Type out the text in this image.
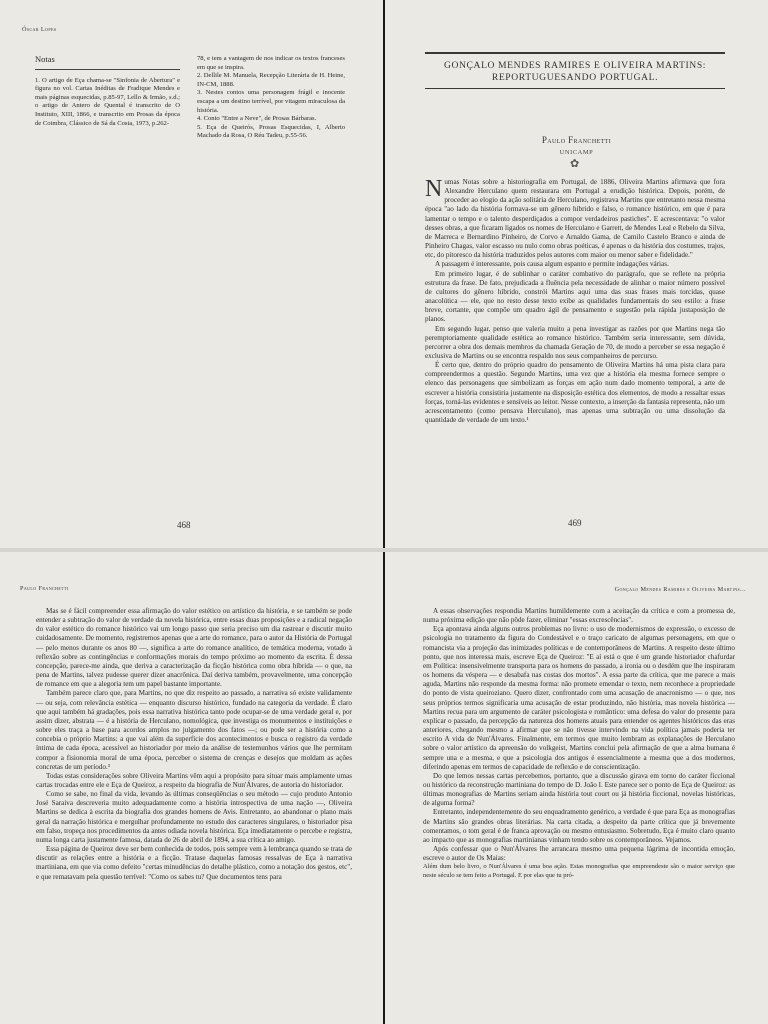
Óscar Lopes
Notas

1. O artigo de Eça chama-se "Sinfonia de Abertura" e figura no vol. Cartas Inéditas de Fradique Mendes e mais páginas esquecidas, p.85-97, Lello & Irmão, s.d.; o artigo de Antero de Quental é transcrito de O Instituto, XIII, 1866, e transcrito em Prosas da época de Coimbra, Clássico de Sá da Costa, 1973, p.262-

78, e tem a vantagem de nos indicar os textos franceses em que se inspira.

2. Dellile M. Manuela, Recepção Literária de H. Heine, IN-CM, 1888.

3. Nestes contos uma personagem frágil e inocente escapa a um destino terrível, por vitagem miraculosa da história.

4. Conto "Entre a Neve", de Prosas Bárbaras.

5. Eça de Queirós, Prosas Esquecidas, I, Alberto Machado da Rosa, O Réu Tadeu, p.55-56.

468
GONÇALO MENDES RAMIRES E OLIVEIRA MARTINS: REPORTUGUESANDO PORTUGAL.
Paulo Franchetti
UNICAMP
✿

Numas Notas sobre a historiografia em Portugal, de 1886, Oliveira Martins afirmava que fora Alexandre Herculano quem restaurara em Portugal a erudição histórica. Depois, porém, de proceder ao elogio da ação solitária de Herculano, registrava Martins que entretanto nessa mesma época "ao lado da história formava-se um gênero híbrido e falso, o romance histórico, em que é para lamentar o tempo e o talento desperdiçados a compor verdadeiros pastiches". E acrescentava: "o valor desses obras, a que ficaram ligados os nomes de Herculano e Garrett, de Mendes Leal e Rebelo da Silva, de Marreca e Bernardino Pinheiro, de Corvo e Arnaldo Gama, de Camilo Castelo Branco e ainda de Pinheiro Chagas, valor escasso ou nulo como obras poéticas, é apenas o da história dos costumes, trajos, etc, do pitoresco da história traduzidos pelos autores com maior ou menor saber e fidelidade."

A passagem é interessante, pois causa algum espanto e permite indagações várias.

Em primeiro lugar, é de sublinhar o caráter combativo do parágrafo, que se reflete na própria estrutura da frase. De fato, prejudicada a fluência pela necessidade de alinhar o maior número possível de cultores do gênero híbrido, constrói Martins aqui uma das suas frases mais torcidas, quase anacolútica — ele, que no resto desse texto exibe as qualidades fundamentais do seu estilo: a frase breve, cortante, que compõe um quadro ágil de pensamento e sugestão pela rápida justaposição de planos.

Em segundo lugar, penso que valeria muito a pena investigar as razões por que Martins nega tão peremptoriamente qualidade estética ao romance histórico. Também seria interessante, sem dúvida, percorrer a obra dos demais membros da chamada Geração de 70, de modo a perceber se essa negação é exclusiva de Martins ou se encontra respaldo nos seus companheiros de percurso.

É certo que, dentro do próprio quadro do pensamento de Oliveira Martins há uma pista clara para compreendermos a questão. Segundo Martins, uma vez que a história ela mesma fornece sempre o elenco das personagens que simbolizam as forças em ação num dado momento temporal, a arte de escrever a história consistiria justamente na disposição estética dos elementos, de modo a ressaltar essas forças, torná-las evidentes e sensíveis ao leitor. Nesse contexto, a inserção da fantasia representa, não um acrescentamento (como pensava Herculano), mas apenas uma subtração ou uma dissolução da quantidade de verdade de um texto.¹

469
Paulo Franchetti

Mas se é fácil compreender essa afirmação do valor estético ou artístico da história, e se também se pode entender a subtração do valor de verdade da novela histórica, entre essas duas proposições e a radical negação do valor estético do romance histórico vai um longo passo que seria preciso um dia rastrear e discutir muito cuidadosamente. De momento, registremos apenas que a arte do romance, para o autor da História de Portugal — pelo menos durante os anos 80 —, significa a arte do romance analítico, de temática moderna, votado à reflexão sobre as contingências e conformações morais do tempo próximo ao momento da escrita. É dessa concepção, parece-me ainda, que deriva a caracterização da ficção histórica como obra híbrida — o que, na pena de Martins, talvez pudesse querer dizer anacrônica. Daí deriva também, provavelmente, uma concepção de romance em que a alegoria tem um papel bastante importante.

Também parece claro que, para Martins, no que diz respeito ao passado, a narrativa só existe validamente — ou seja, com relevância estética — enquanto discurso histórico, fundado na categoria da verdade. É claro que aqui também há gradações, pois essa narrativa histórica tanto pode ocupar-se de uma verdade geral e, por assim dizer, abstrata — é a história de Herculano, nomológica, que investiga os monumentos e instituições e sobre eles traça a base para acordos amplos no julgamento dos fatos —; ou pode ser a história como a concebia o próprio Martins: a que vai além da superfície dos acontecimentos e busca o registro da verdade íntima de cada época, acessível ao historiador por meio da análise de testemunhos vários que lhe permitam compor a fisionomia moral de uma época, perceber o sistema de crenças e desejos que moldam as ações concretas de um período.³

Todas estas considerações sobre Oliveira Martins vêm aqui a propósito para situar mais amplamente umas cartas trocadas entre ele e Eça de Queiroz, a respeito da biografia de Nun'Álvares, de autoria do historiador.

Como se sabe, no final da vida, levando às últimas conseqüências o seu método — cujo produto Antonio José Saraiva descreveria muito adequadamente como a história introspectiva de uma nação —, Oliveira Martins se dedica à escrita da biografia dos grandes homens de Avis. Entretanto, ao abandonar o plano mais geral da narração histórica e mergulhar profundamente no estudo dos caracteres singulares, o historiador pisa em falso, tropeça nos procedimentos da antes odiada novela histórica. Eça imediatamente o percebe e registra, numa longa carta justamente famosa, datada de 26 de abril de 1894, a sua crítica ao amigo.

Essa página de Queiroz deve ser bem conhecida de todos, pois sempre vem à lembrança quando se trata de discutir as relações entre a história e a ficção. Tratase daquelas famosas ressalvas de Eça à narrativa martiniana, em que via como defeito "certas minudências do detalhe plástico, como a notação dos gestos, etc", e que rematavam pela questão terrível: "Como os sabes tu? Que documentos tens para

Gonçalo Mendes Ramires e Oliveira Martins...

A essas observações respondia Martins humildemente com a aceitação da crítica e com a promessa de, numa próxima edição que não pôde fazer, eliminar "essas excrescências".

Eça apontava ainda alguns outros problemas no livro: o uso de modernismos de expressão, o excesso de psicologia no tratamento da figura do Condestável e o traço caricato de algumas personagens, em que o romancista via a projeção das inimizades políticas e de contemporâneos de Martins. A respeito deste último ponto, que nos interessa mais, escreve Eça de Queiroz: "E aí está o que é um grande historiador chafurdar em Política: insensivelmente transporta para os homens do passado, a ironia ou o desdém que lhe inspiraram os homens da véspera — e desabafa nas costas dos mortos". A essa parte da crítica, que me parece a mais aguda, Martins não responde da mesma forma: não promete emendar o texto, nem reconhece a propriedade do ponto de vista queiroziano. Quero dizer, confrontado com uma acusação de anacronismo — o que, nos seus próprios termos significaria uma acusação de estar produzindo, não história, mas novela histórica — Martins recua para um argumento de caráter psicologista e romântico: uma defesa do valor do presente para explicar o passado, da percepção da natureza dos homens atuais para entender os agentes históricos das eras anteriores, chegando mesmo a afirmar que se não tivesse intervindo na vida política jamais poderia ter escrito A vida de Nun'Álvares. Finalmente, em termos que muito lembram as explanações de Herculano sobre o valor artístico da apreensão do volkgeist, Martins conclui pela afirmação de que a alma humana é sempre una e a mesma, e que a psicologia dos antigos é essencialmente a mesma que a dos modernos, diferindo apenas em termos de capacidade de reflexão e de conscientização.

Do que lemos nessas cartas percebemos, portanto, que a discussão girava em torno do caráter ficcional ou histórico da reconstrução martiniana do tempo de D. João I. Este parece ser o ponto de Eça de Queiroz: as últimas monografias de Martins seriam ainda história tout court ou já história ficcional, novelas históricas, de alguma forma?

Entretanto, independentemente do seu enquadramento genérico, a verdade é que para Eça as monografias de Martins são grandes obras literárias. Na carta citada, a despeito da parte crítica que já brevemente comentamos, o tom geral é de franca aprovação ou mesmo entusiasmo. Sobretudo, Eça é muito claro quanto ao impacto que as monografias martinianas vinham tendo sobre os contemporâneos. Vejamos.

Após confessar que o Nun'Álvares lhe arrancara mesmo uma pequena lágrima de incontida emoção, escreve o autor de Os Maias:

Além dum belo livro, o Nun'Álvares é uma boa ação. Estas monografias que empreendeste são o maior serviço que neste século se tem feito a Portugal. E por elas que tu pró-
